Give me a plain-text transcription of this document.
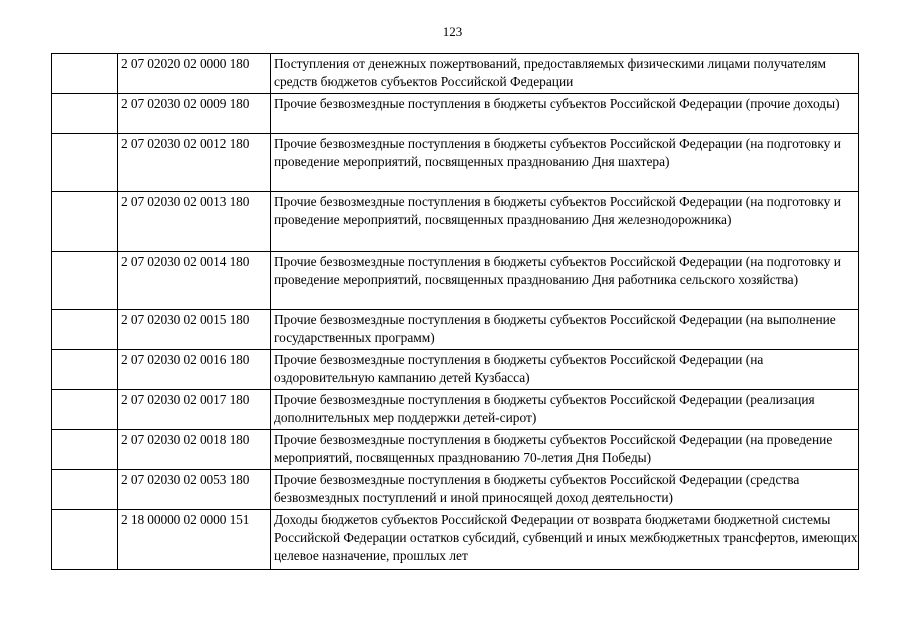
123
	2 07 02020 02 0000 180	Поступления от денежных пожертвований, предоставляемых физическими лицами получателям средств бюджетов субъектов Российской Федерации
	2 07 02030 02 0009 180	Прочие безвозмездные поступления в бюджеты субъектов Российской Федерации (прочие доходы)
	2 07 02030 02 0012 180	Прочие безвозмездные поступления в бюджеты субъектов Российской Федерации (на подготовку и проведение мероприятий, посвященных празднованию Дня шахтера)
	2 07 02030 02 0013 180	Прочие безвозмездные поступления в бюджеты субъектов Российской Федерации (на подготовку и проведение мероприятий, посвященных празднованию Дня железнодорожника)
	2 07 02030 02 0014 180	Прочие безвозмездные поступления в бюджеты субъектов Российской Федерации (на подготовку и проведение мероприятий, посвященных празднованию Дня работника сельского хозяйства)
	2 07 02030 02 0015 180	Прочие безвозмездные поступления в бюджеты субъектов Российской Федерации (на выполнение государственных программ)
	2 07 02030 02 0016 180	Прочие безвозмездные поступления в бюджеты субъектов Российской Федерации (на оздоровительную кампанию детей Кузбасса)
	2 07 02030 02 0017 180	Прочие безвозмездные поступления в бюджеты субъектов Российской Федерации (реализация дополнительных мер поддержки детей-сирот)
	2 07 02030 02 0018 180	Прочие безвозмездные поступления в бюджеты субъектов Российской Федерации (на проведение мероприятий, посвященных празднованию 70-летия Дня Победы)
	2 07 02030 02 0053 180	Прочие безвозмездные поступления в бюджеты субъектов Российской Федерации (средства безвозмездных поступлений и иной приносящей доход деятельности)
	2 18 00000 02 0000 151	Доходы бюджетов субъектов Российской Федерации от возврата бюджетами бюджетной системы Российской Федерации остатков субсидий, субвенций и иных межбюджетных трансфертов, имеющих целевое назначение, прошлых лет
